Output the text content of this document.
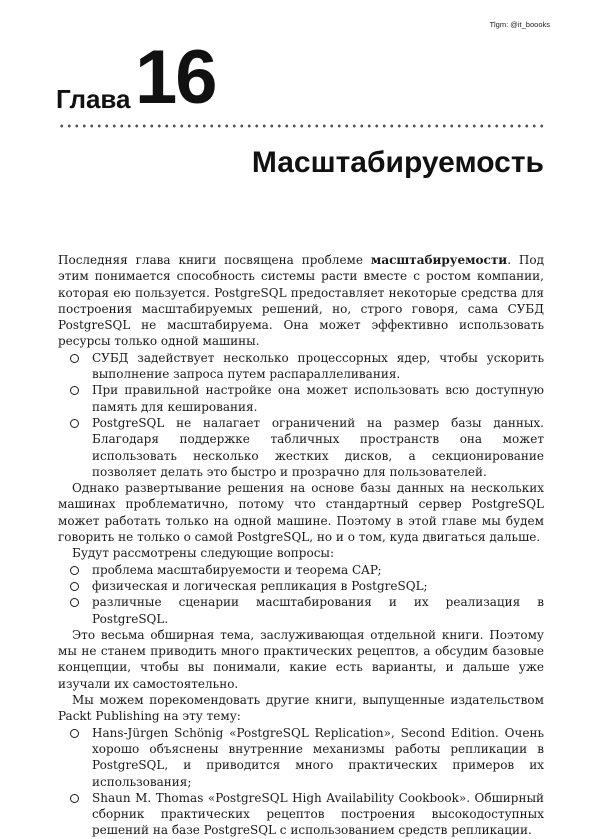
Tlgm: @it_boooks
Глава 16
Масштабируемость

Последняя глава книги посвящена проблеме масштабируемости. Под этим понимается способность системы расти вместе с ростом компании, которая ею пользуется. PostgreSQL предоставляет некоторые средства для построения масштабируемых решений, но, строго говоря, сама СУБД PostgreSQL не масштабируема. Она может эффективно использовать ресурсы только одной машины.

СУБД задействует несколько процессорных ядер, чтобы ускорить выполнение запроса путем распараллеливания.
При правильной настройке она может использовать всю доступную память для кеширования.
PostgreSQL не налагает ограничений на размер базы данных. Благодаря поддержке табличных пространств она может использовать несколько жестких дисков, а секционирование позволяет делать это быстро и прозрачно для пользователей.

Однако развертывание решения на основе базы данных на нескольких машинах проблематично, потому что стандартный сервер PostgreSQL может работать только на одной машине. Поэтому в этой главе мы будем говорить не только о самой PostgreSQL, но и о том, куда двигаться дальше.

Будут рассмотрены следующие вопросы:

проблема масштабируемости и теорема CAP;
физическая и логическая репликация в PostgreSQL;
различные сценарии масштабирования и их реализация в PostgreSQL.

Это весьма обширная тема, заслуживающая отдельной книги. Поэтому мы не станем приводить много практических рецептов, а обсудим базовые концепции, чтобы вы понимали, какие есть варианты, и дальше уже изучали их самостоятельно.

Мы можем порекомендовать другие книги, выпущенные издательством Packt Publishing на эту тему:

Hans-Jürgen Schönig «PostgreSQL Replication», Second Edition. Очень хорошо объяснены внутренние механизмы работы репликации в PostgreSQL, и приводится много практических примеров их использования;
Shaun M. Thomas «PostgreSQL High Availability Cookbook». Обширный сборник практических рецептов построения высокодоступных решений на базе PostgreSQL с использованием средств репликации.
